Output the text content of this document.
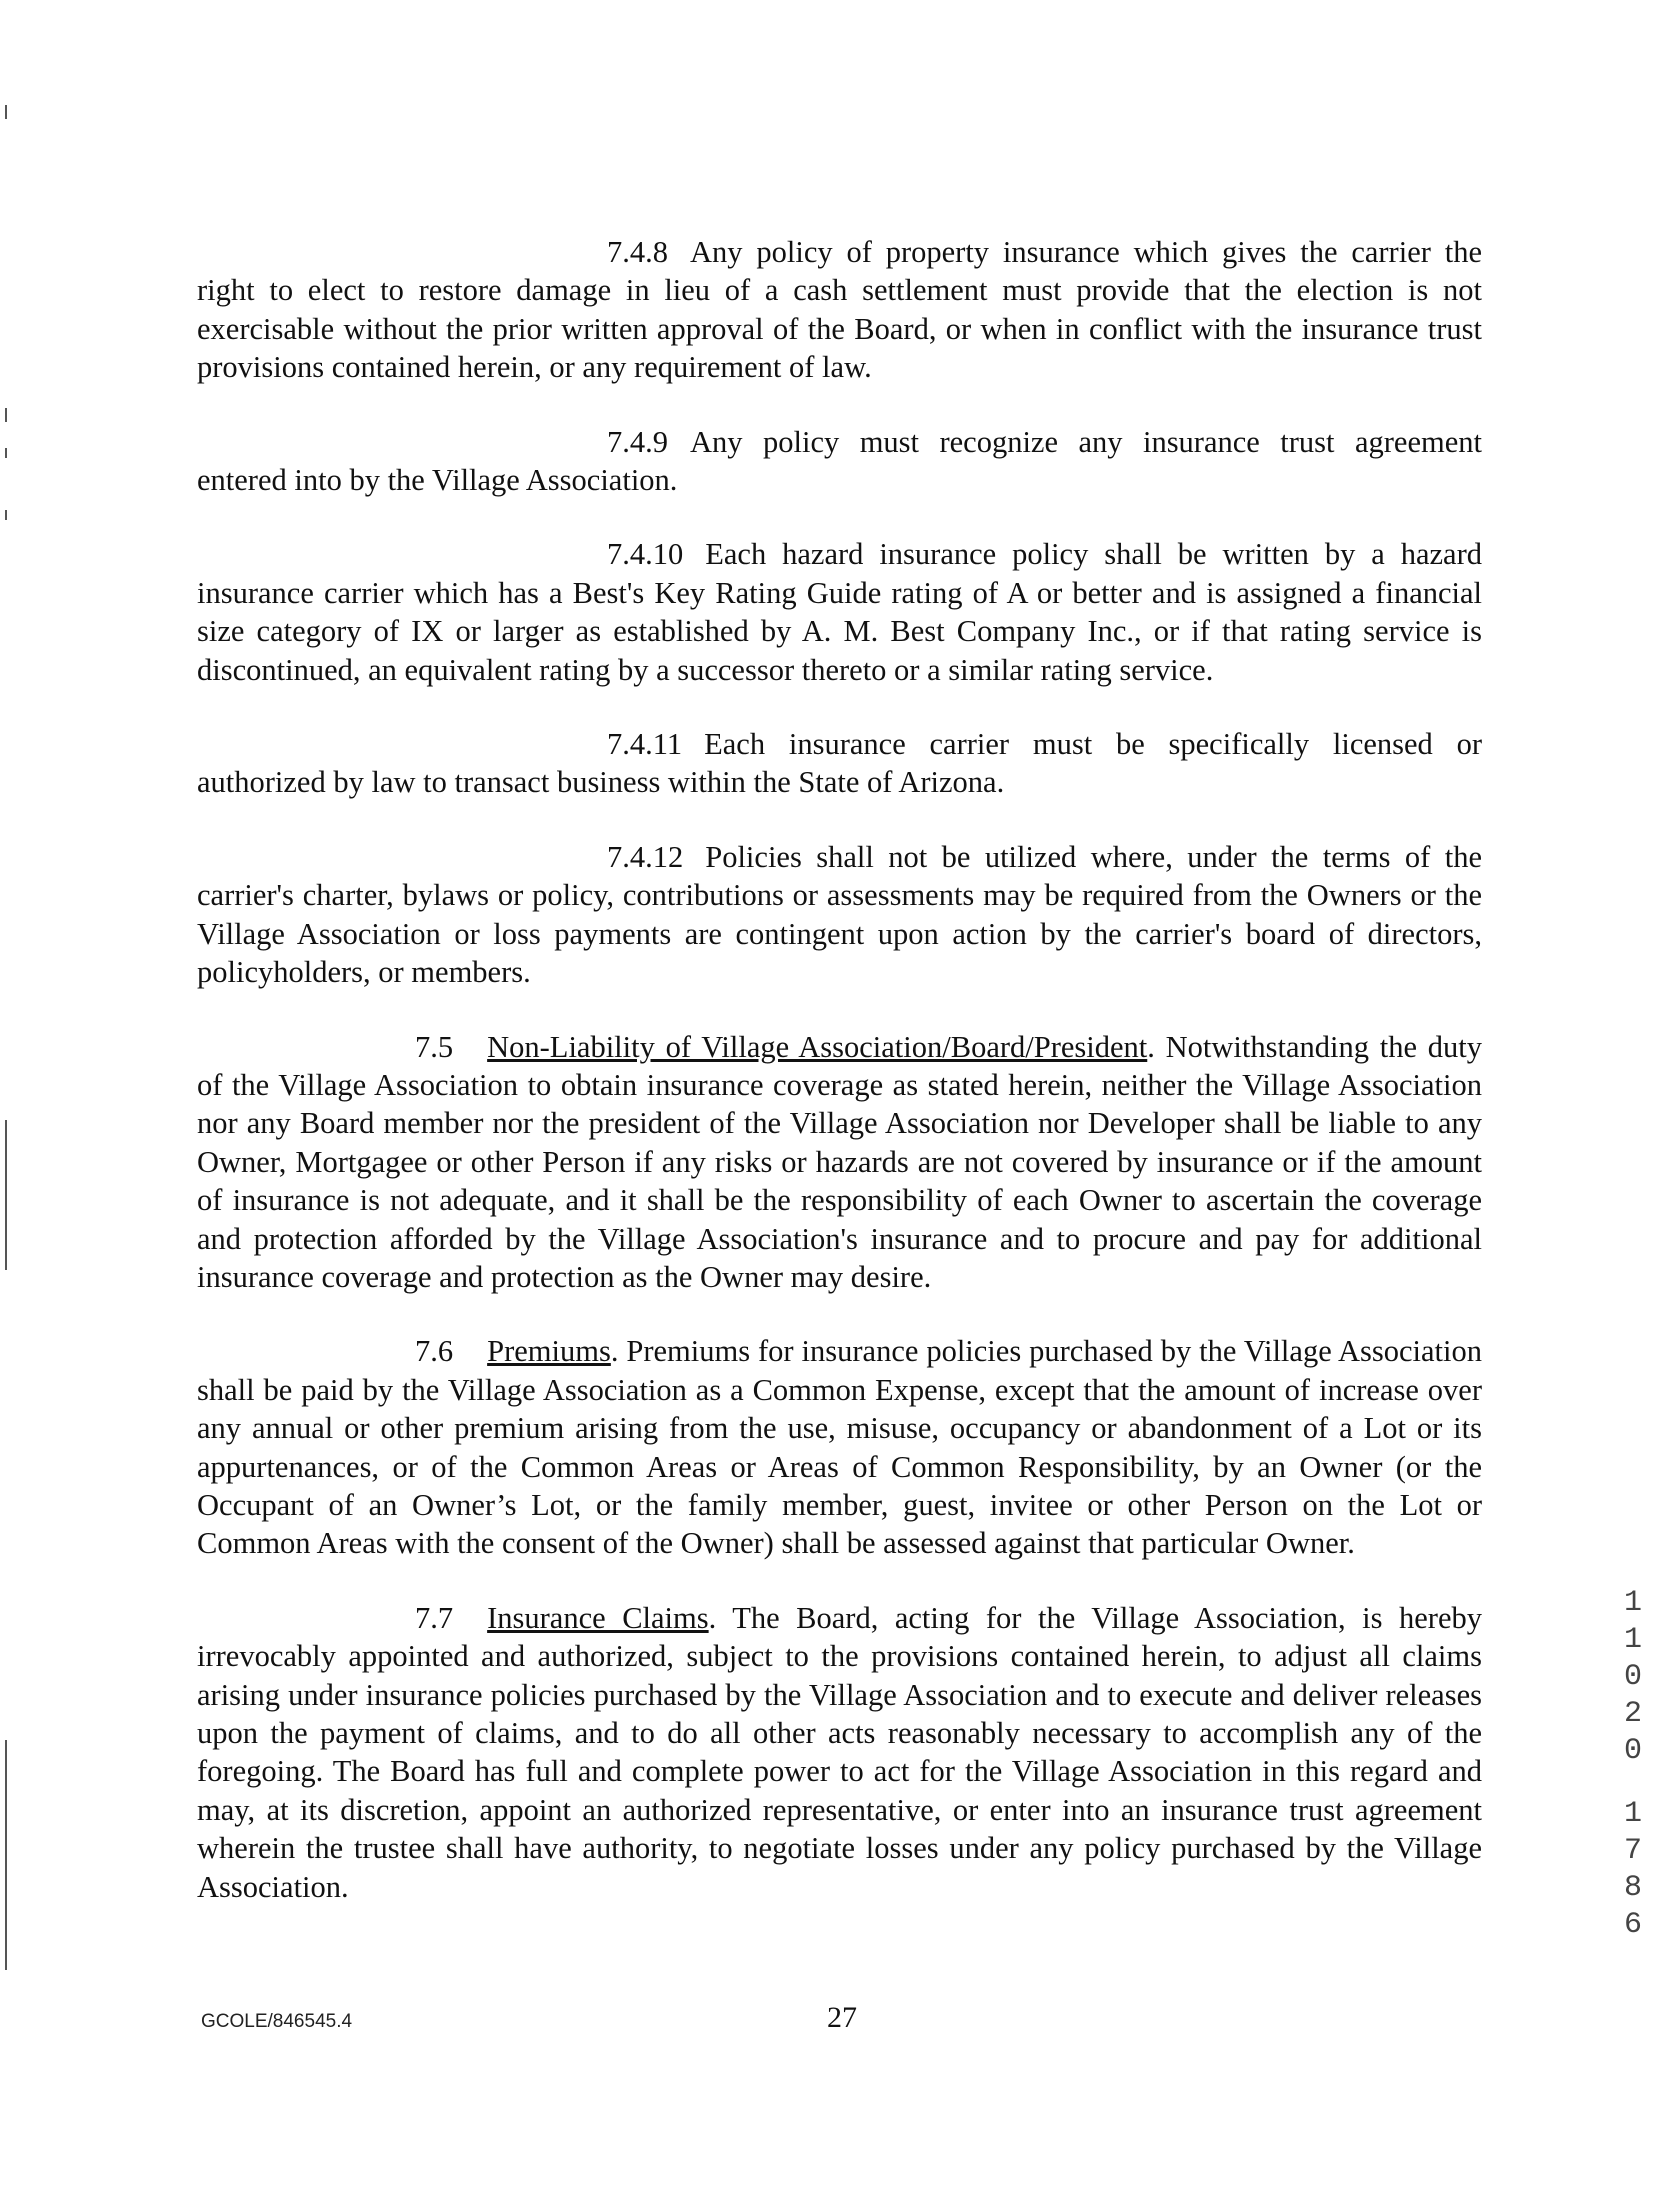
7.4.8 Any policy of property insurance which gives the carrier the right to elect to restore damage in lieu of a cash settlement must provide that the election is not exercisable without the prior written approval of the Board, or when in conflict with the insurance trust provisions contained herein, or any requirement of law.

7.4.9 Any policy must recognize any insurance trust agreement entered into by the Village Association.

7.4.10 Each hazard insurance policy shall be written by a hazard insurance carrier which has a Best's Key Rating Guide rating of A or better and is assigned a financial size category of IX or larger as established by A. M. Best Company Inc., or if that rating service is discontinued, an equivalent rating by a successor thereto or a similar rating service.

7.4.11 Each insurance carrier must be specifically licensed or authorized by law to transact business within the State of Arizona.

7.4.12 Policies shall not be utilized where, under the terms of the carrier's charter, bylaws or policy, contributions or assessments may be required from the Owners or the Village Association or loss payments are contingent upon action by the carrier's board of directors, policyholders, or members.

7.5 Non-Liability of Village Association/Board/President. Notwithstanding the duty of the Village Association to obtain insurance coverage as stated herein, neither the Village Association nor any Board member nor the president of the Village Association nor Developer shall be liable to any Owner, Mortgagee or other Person if any risks or hazards are not covered by insurance or if the amount of insurance is not adequate, and it shall be the responsibility of each Owner to ascertain the coverage and protection afforded by the Village Association's insurance and to procure and pay for additional insurance coverage and protection as the Owner may desire.

7.6 Premiums. Premiums for insurance policies purchased by the Village Association shall be paid by the Village Association as a Common Expense, except that the amount of increase over any annual or other premium arising from the use, misuse, occupancy or abandonment of a Lot or its appurtenances, or of the Common Areas or Areas of Common Responsibility, by an Owner (or the Occupant of an Owner’s Lot, or the family member, guest, invitee or other Person on the Lot or Common Areas with the consent of the Owner) shall be assessed against that particular Owner.

7.7 Insurance Claims. The Board, acting for the Village Association, is hereby irrevocably appointed and authorized, subject to the provisions contained herein, to adjust all claims arising under insurance policies purchased by the Village Association and to execute and deliver releases upon the payment of claims, and to do all other acts reasonably necessary to accomplish any of the foregoing. The Board has full and complete power to act for the Village Association in this regard and may, at its discretion, appoint an authorized representative, or enter into an insurance trust agreement wherein the trustee shall have authority, to negotiate losses under any policy purchased by the Village Association.

GCOLE/846545.4	27
1
1
0
2
0
1
7
8
6
